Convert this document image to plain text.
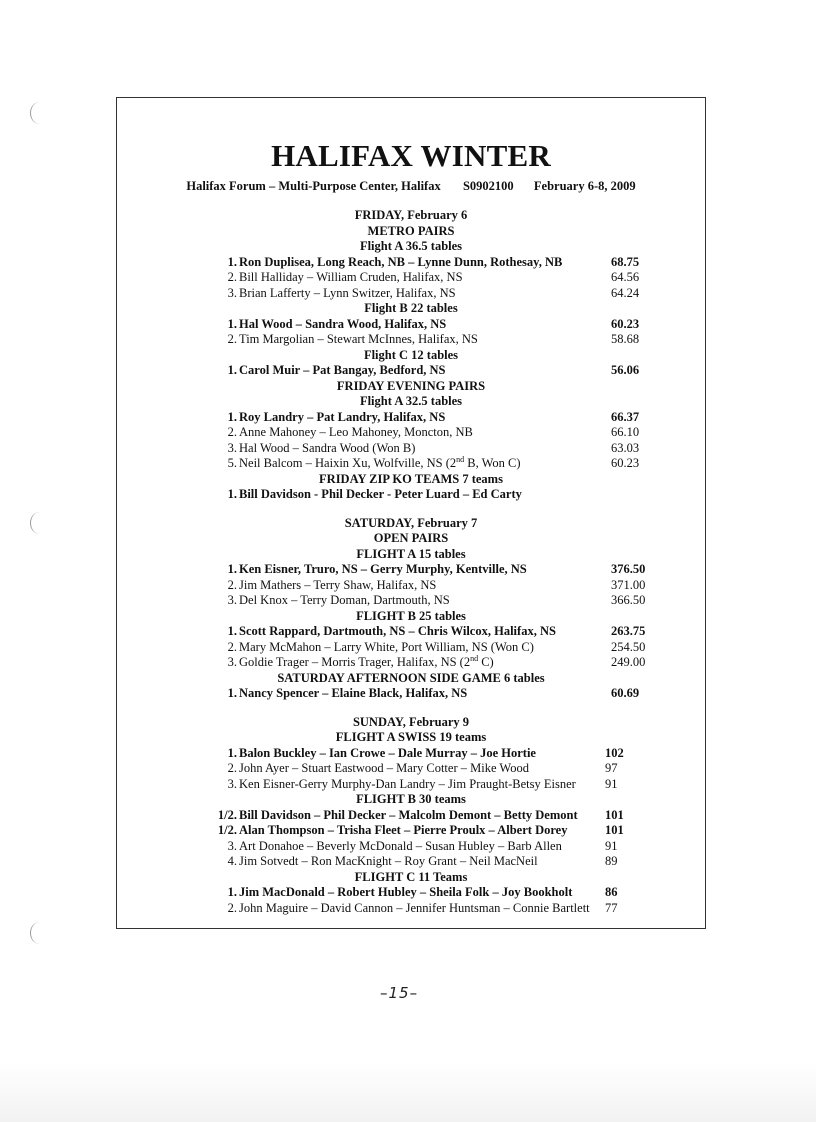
HALIFAX WINTER
Halifax Forum – Multi-Purpose Center, Halifax S0902100 February 6-8, 2009
FRIDAY, February 6
METRO PAIRS
Flight A 36.5 tables
1. Ron Duplisea, Long Reach, NB – Lynne Dunn, Rothesay, NB	68.75
2. Bill Halliday – William Cruden, Halifax, NS	64.56
3. Brian Lafferty – Lynn Switzer, Halifax, NS	64.24
Flight B 22 tables
1. Hal Wood – Sandra Wood, Halifax, NS	60.23
2. Tim Margolian – Stewart McInnes, Halifax, NS	58.68
Flight C 12 tables
1. Carol Muir – Pat Bangay, Bedford, NS	56.06
FRIDAY EVENING PAIRS
Flight A 32.5 tables
1. Roy Landry – Pat Landry, Halifax, NS	66.37
2. Anne Mahoney – Leo Mahoney, Moncton, NB	66.10
3. Hal Wood – Sandra Wood (Won B)	63.03
5. Neil Balcom – Haixin Xu, Wolfville, NS (2nd B, Won C)	60.23
FRIDAY ZIP KO TEAMS 7 teams
1. Bill Davidson - Phil Decker - Peter Luard – Ed Carty
SATURDAY, February 7
OPEN PAIRS
FLIGHT A 15 tables
1. Ken Eisner, Truro, NS – Gerry Murphy, Kentville, NS	376.50
2. Jim Mathers – Terry Shaw, Halifax, NS	371.00
3. Del Knox – Terry Doman, Dartmouth, NS	366.50
FLIGHT B 25 tables
1. Scott Rappard, Dartmouth, NS – Chris Wilcox, Halifax, NS	263.75
2. Mary McMahon – Larry White, Port William, NS (Won C)	254.50
3. Goldie Trager – Morris Trager, Halifax, NS (2nd C)	249.00
SATURDAY AFTERNOON SIDE GAME 6 tables
1. Nancy Spencer – Elaine Black, Halifax, NS	60.69
SUNDAY, February 9
FLIGHT A SWISS 19 teams
1. Balon Buckley – Ian Crowe – Dale Murray – Joe Hortie	102
2. John Ayer – Stuart Eastwood – Mary Cotter – Mike Wood	97
3. Ken Eisner-Gerry Murphy-Dan Landry – Jim Praught-Betsy Eisner 91
FLIGHT B 30 teams
1/2. Bill Davidson – Phil Decker – Malcolm Demont – Betty Demont 101
1/2. Alan Thompson – Trisha Fleet – Pierre Proulx – Albert Dorey	101
3. Art Donahoe – Beverly McDonald – Susan Hubley – Barb Allen	91
4. Jim Sotvedt – Ron MacKnight – Roy Grant – Neil MacNeil	89
FLIGHT C 11 Teams
1. Jim MacDonald – Robert Hubley – Sheila Folk – Joy Bookholt	86
2. John Maguire – David Cannon – Jennifer Huntsman – Connie Bartlett 77
–15–
